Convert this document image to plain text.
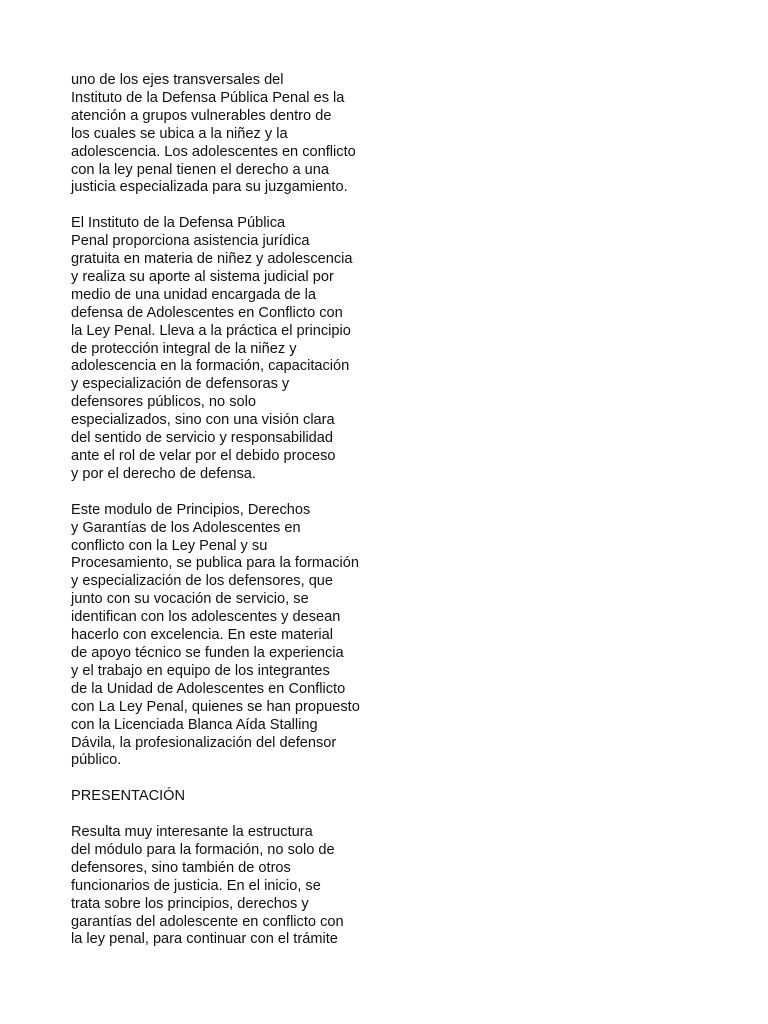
uno de los ejes transversales del
Instituto de la Defensa Pública Penal es la
atención a grupos vulnerables dentro de
los cuales se ubica a la niñez y la
adolescencia. Los adolescentes en conflicto
con la ley penal tienen el derecho a una
justicia especializada para su juzgamiento.

El Instituto de la Defensa Pública
Penal proporciona asistencia jurídica
gratuita en materia de niñez y adolescencia
y realiza su aporte al sistema judicial por
medio de una unidad encargada de la
defensa de Adolescentes en Conflicto con
la Ley Penal. Lleva a la práctica el principio
de protección integral de la niñez y
adolescencia en la formación, capacitación
y especialización de defensoras y
defensores públicos, no solo
especializados, sino con una visión clara
del sentido de servicio y responsabilidad
ante el rol de velar por el debido proceso
y por el derecho de defensa.

Este modulo de Principios, Derechos
y Garantías de los Adolescentes en
conflicto con la Ley Penal y su
Procesamiento, se publica para la formación
y especialización de los defensores, que
junto con su vocación de servicio, se
identifican con los adolescentes y desean
hacerlo con excelencia. En este material
de apoyo técnico se funden la experiencia
y el trabajo en equipo de los integrantes
de la Unidad de Adolescentes en Conflicto
con La Ley Penal, quienes se han propuesto
con la Licenciada Blanca Aída Stalling
Dávila, la profesionalización del defensor
público.

PRESENTACIÓN

Resulta muy interesante la estructura
del módulo para la formación, no solo de
defensores, sino también de otros
funcionarios de justicia. En el inicio, se
trata sobre los principios, derechos y
garantías del adolescente en conflicto con
la ley penal, para continuar con el trámite
